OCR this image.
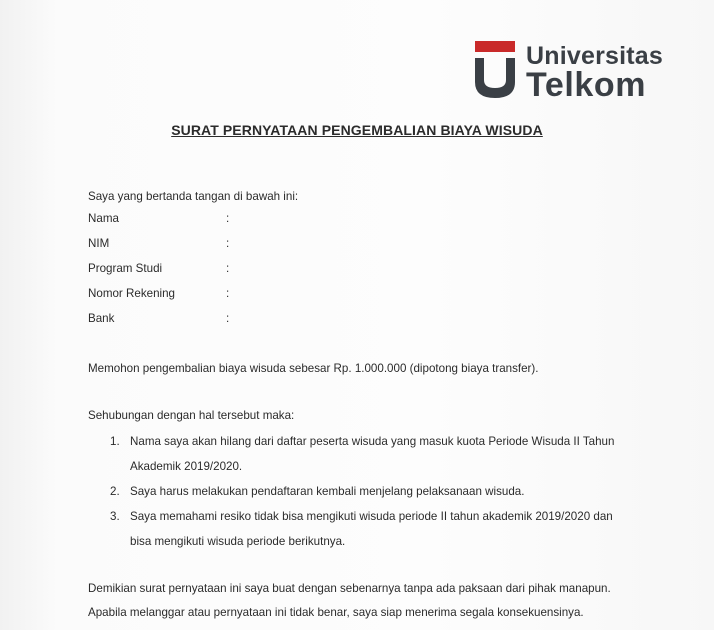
Universitas
Telkom
SURAT PERNYATAAN PENGEMBALIAN BIAYA WISUDA
Saya yang bertanda tangan di bawah ini:
Nama	:
NIM	:
Program Studi	:
Nomor Rekening	:
Bank	:
Memohon pengembalian biaya wisuda sebesar Rp. 1.000.000 (dipotong biaya transfer).
Sehubungan dengan hal tersebut maka:
1. Nama saya akan hilang dari daftar peserta wisuda yang masuk kuota Periode Wisuda II Tahun
Akademik 2019/2020.
2. Saya harus melakukan pendaftaran kembali menjelang pelaksanaan wisuda.
3. Saya memahami resiko tidak bisa mengikuti wisuda periode II tahun akademik 2019/2020 dan
bisa mengikuti wisuda periode berikutnya.
Demikian surat pernyataan ini saya buat dengan sebenarnya tanpa ada paksaan dari pihak manapun.
Apabila melanggar atau pernyataan ini tidak benar, saya siap menerima segala konsekuensinya.
